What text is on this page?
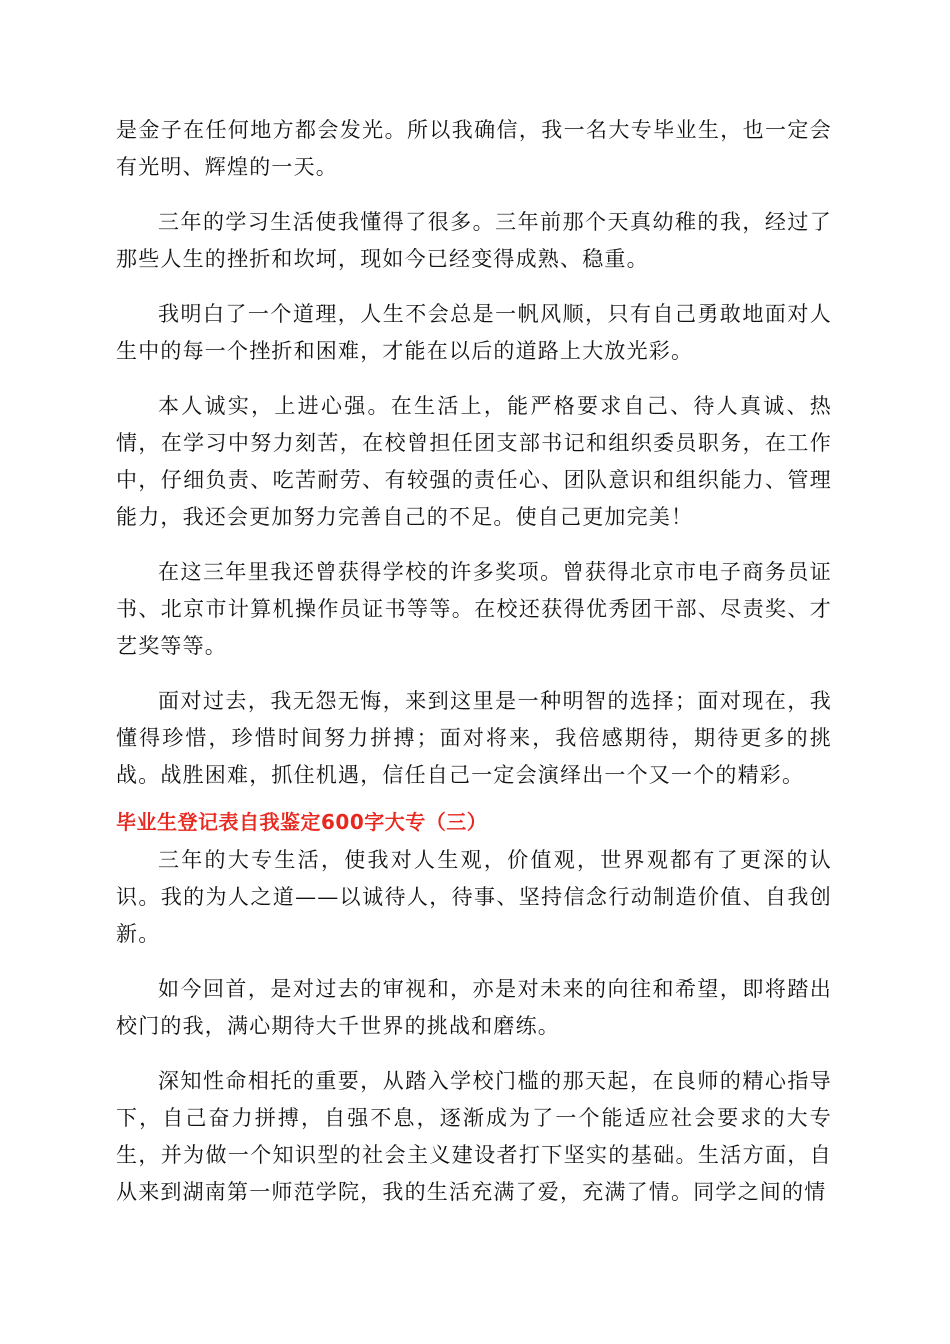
是金子在任何地方都会发光。所以我确信，我一名大专毕业生，也一定会有光明、辉煌的一天。

三年的学习生活使我懂得了很多。三年前那个天真幼稚的我，经过了那些人生的挫折和坎坷，现如今已经变得成熟、稳重。

我明白了一个道理，人生不会总是一帆风顺，只有自己勇敢地面对人生中的每一个挫折和困难，才能在以后的道路上大放光彩。

本人诚实，上进心强。在生活上，能严格要求自己、待人真诚、热情，在学习中努力刻苦，在校曾担任团支部书记和组织委员职务，在工作中，仔细负责、吃苦耐劳、有较强的责任心、团队意识和组织能力、管理能力，我还会更加努力完善自己的不足。使自己更加完美！

在这三年里我还曾获得学校的许多奖项。曾获得北京市电子商务员证书、北京市计算机操作员证书等等。在校还获得优秀团干部、尽责奖、才艺奖等等。

面对过去，我无怨无悔，来到这里是一种明智的选择；面对现在，我懂得珍惜，珍惜时间努力拼搏；面对将来，我倍感期待，期待更多的挑战。战胜困难，抓住机遇，信任自己一定会演绎出一个又一个的精彩。

毕业生登记表自我鉴定600字大专（三）

三年的大专生活，使我对人生观，价值观，世界观都有了更深的认识。我的为人之道——以诚待人，待事、坚持信念行动制造价值、自我创新。

如今回首，是对过去的审视和，亦是对未来的向往和希望，即将踏出校门的我，满心期待大千世界的挑战和磨练。

深知性命相托的重要，从踏入学校门槛的那天起，在良师的精心指导下，自己奋力拼搏，自强不息，逐渐成为了一个能适应社会要求的大专生，并为做一个知识型的社会主义建设者打下坚实的基础。生活方面，自从来到湖南第一师范学院，我的生活充满了爱，充满了情。同学之间的情
